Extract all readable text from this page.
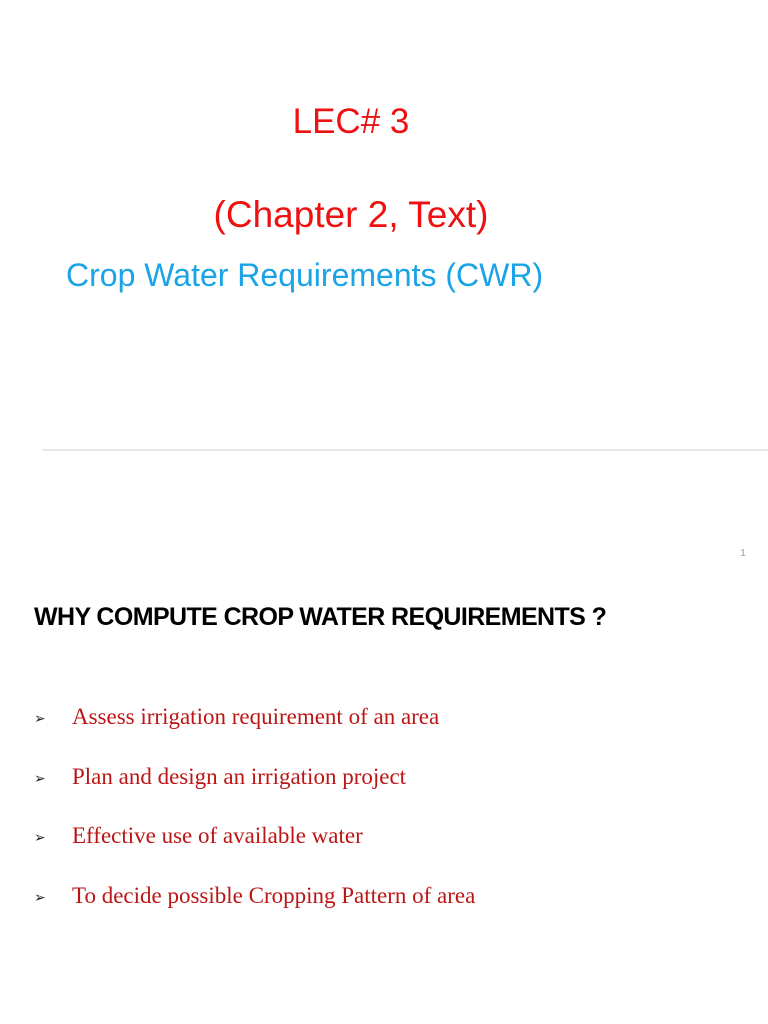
LEC# 3
(Chapter 2, Text)
Crop Water Requirements (CWR)
1
WHY COMPUTE CROP WATER REQUIREMENTS ?
➢ Assess irrigation requirement of an area
➢ Plan and design an irrigation project
➢ Effective use of available water
➢ To decide possible Cropping Pattern of area
